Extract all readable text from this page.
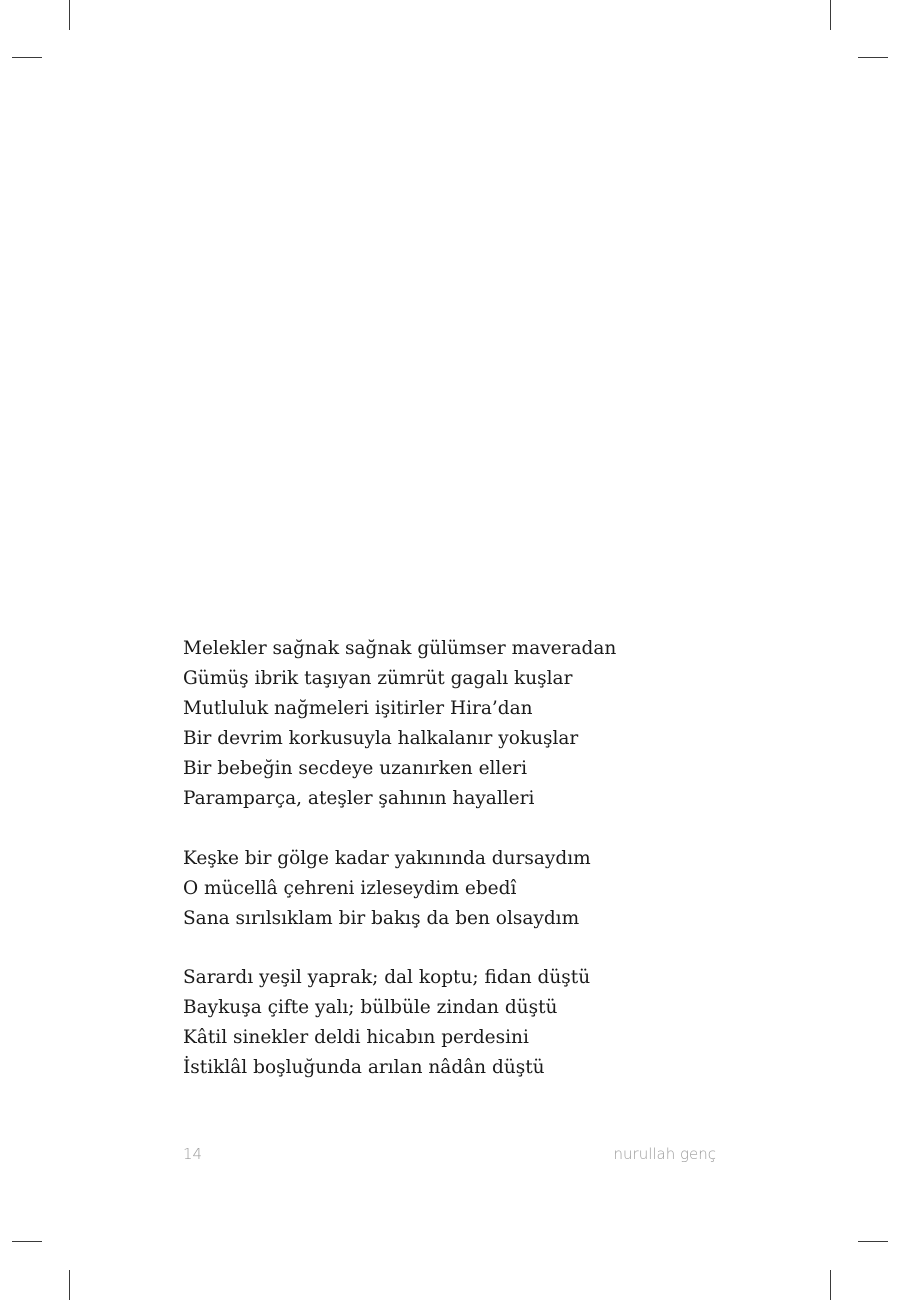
Melekler sağnak sağnak gülümser maveradan
Gümüş ibrik taşıyan zümrüt gagalı kuşlar
Mutluluk nağmeleri işitirler Hira’dan
Bir devrim korkusuyla halkalanır yokuşlar
Bir bebeğin secdeye uzanırken elleri
Paramparça, ateşler şahının hayalleri
Keşke bir gölge kadar yakınında dursaydım
O mücellâ çehreni izleseydim ebedî
Sana sırılsıklam bir bakış da ben olsaydım
Sarardı yeşil yaprak; dal koptu; fidan düştü
Baykuşa çifte yalı; bülbüle zindan düştü
Kâtil sinekler deldi hicabın perdesini
İstiklâl boşluğunda arılan nâdân düştü
14	nurullah genç
